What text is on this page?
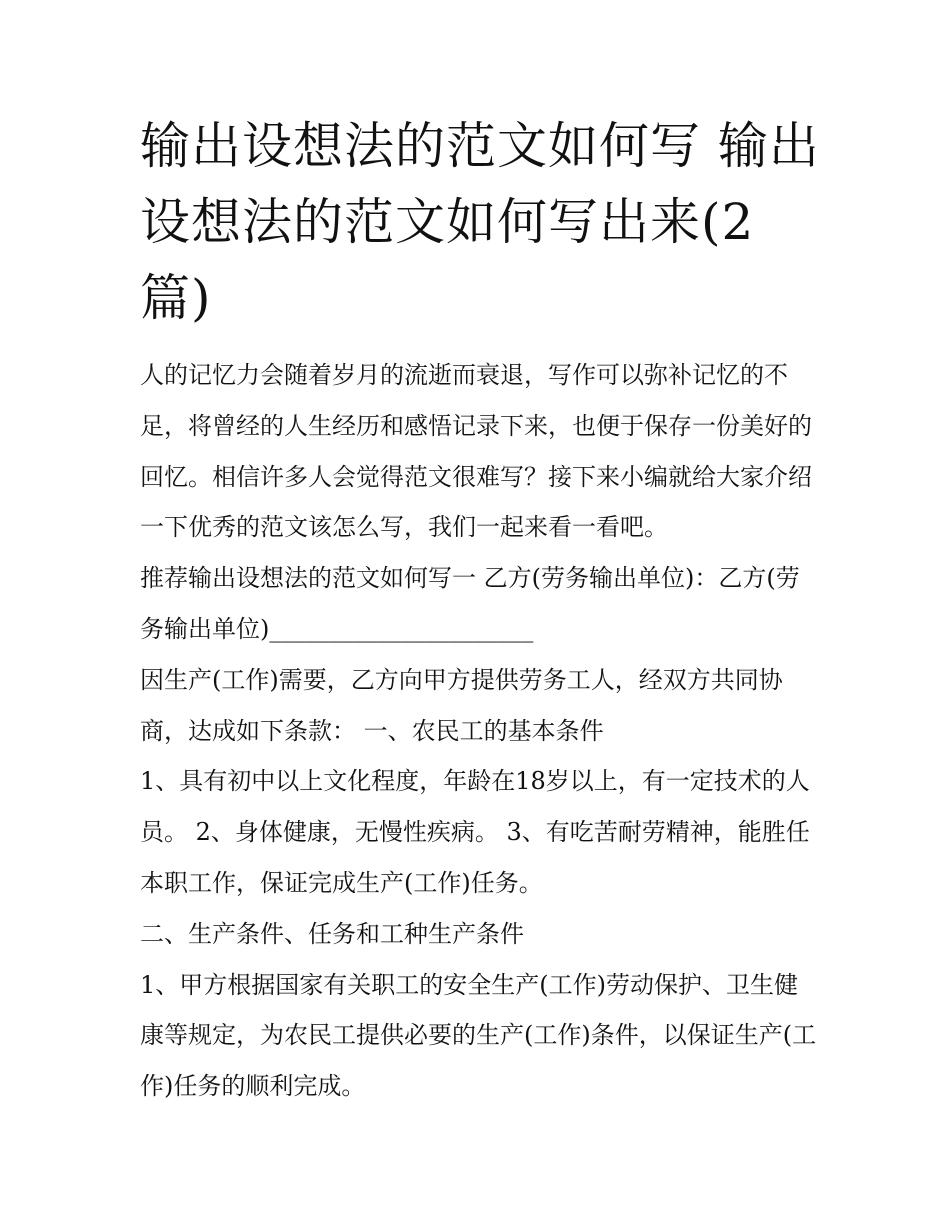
输出设想法的范文如何写 输出设想法的范文如何写出来(2篇)

人的记忆力会随着岁月的流逝而衰退，写作可以弥补记忆的不足，将曾经的人生经历和感悟记录下来，也便于保存一份美好的回忆。相信许多人会觉得范文很难写？接下来小编就给大家介绍一下优秀的范文该怎么写，我们一起来看一看吧。

推荐输出设想法的范文如何写一 乙方(劳务输出单位)：乙方(劳务输出单位)______________________

因生产(工作)需要，乙方向甲方提供劳务工人，经双方共同协商，达成如下条款： 一、农民工的基本条件

1、具有初中以上文化程度，年龄在18岁以上，有一定技术的人员。 2、身体健康，无慢性疾病。 3、有吃苦耐劳精神，能胜任本职工作，保证完成生产(工作)任务。

二、生产条件、任务和工种生产条件

1、甲方根据国家有关职工的安全生产(工作)劳动保护、卫生健康等规定，为农民工提供必要的生产(工作)条件，以保证生产(工作)任务的顺利完成。
